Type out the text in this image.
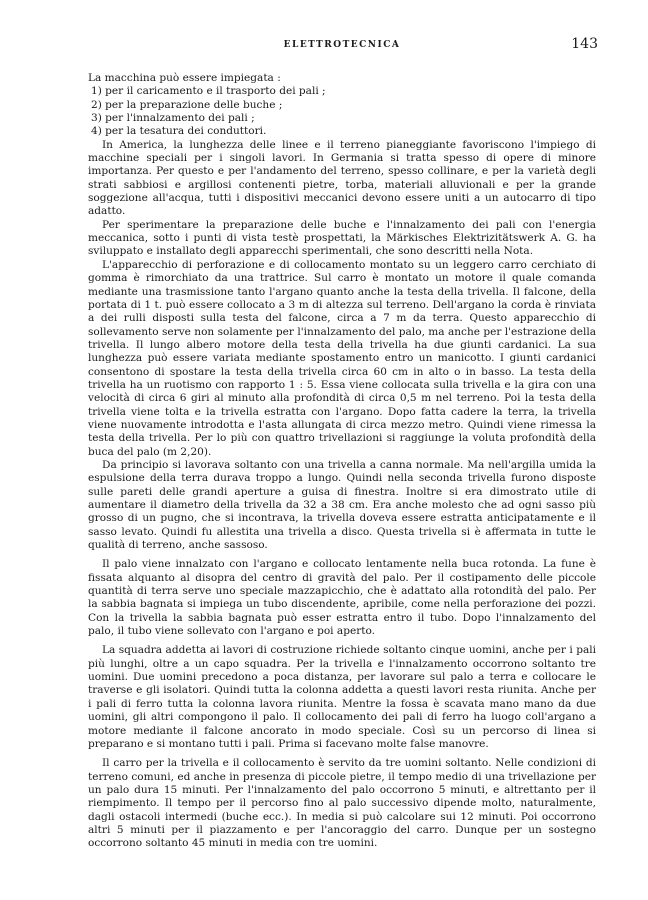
ELETTROTECNICA	143

La macchina può essere impiegata :

1) per il caricamento e il trasporto dei pali ;

2) per la preparazione delle buche ;

3) per l'innalzamento dei pali ;

4) per la tesatura dei conduttori.

In America, la lunghezza delle linee e il terreno pianeggiante favoriscono l'impiego di macchine speciali per i singoli lavori. In Germania si tratta spesso di opere di minore importanza. Per questo e per l'andamento del terreno, spesso collinare, e per la varietà degli strati sabbiosi e argillosi contenenti pietre, torba, materiali alluvionali e per la grande soggezione all'acqua, tutti i dispositivi meccanici devono essere uniti a un autocarro di tipo adatto.

Per sperimentare la preparazione delle buche e l'innalzamento dei pali con l'energia meccanica, sotto i punti di vista testè prospettati, la Märkisches Elektrizitätswerk A. G. ha sviluppato e installato degli apparecchi sperimentali, che sono descritti nella Nota.

L'apparecchio di perforazione e di collocamento montato su un leggero carro cerchiato di gomma è rimorchiato da una trattrice. Sul carro è montato un motore il quale comanda mediante una trasmissione tanto l'argano quanto anche la testa della trivella. Il falcone, della portata di 1 t. può essere collocato a 3 m di altezza sul terreno. Dell'argano la corda è rinviata a dei rulli disposti sulla testa del falcone, circa a 7 m da terra. Questo apparecchio di sollevamento serve non solamente per l'innalzamento del palo, ma anche per l'estrazione della trivella. Il lungo albero motore della testa della trivella ha due giunti cardanici. La sua lunghezza può essere variata mediante spostamento entro un manicotto. I giunti cardanici consentono di spostare la testa della trivella circa 60 cm in alto o in basso. La testa della trivella ha un ruotismo con rapporto 1 : 5. Essa viene collocata sulla trivella e la gira con una velocità di circa 6 giri al minuto alla profondità di circa 0,5 m nel terreno. Poi la testa della trivella viene tolta e la trivella estratta con l'argano. Dopo fatta cadere la terra, la trivella viene nuovamente introdotta e l'asta allungata di circa mezzo metro. Quindi viene rimessa la testa della trivella. Per lo più con quattro trivellazioni si raggiunge la voluta profondità della buca del palo (m 2,20).

Da principio si lavorava soltanto con una trivella a canna normale. Ma nell'argilla umida la espulsione della terra durava troppo a lungo. Quindi nella seconda trivella furono disposte sulle pareti delle grandi aperture a guisa di finestra. Inoltre si era dimostrato utile di aumentare il diametro della trivella da 32 a 38 cm. Era anche molesto che ad ogni sasso più grosso di un pugno, che si incontrava, la trivella doveva essere estratta anticipatamente e il sasso levato. Quindi fu allestita una trivella a disco. Questa trivella si è affermata in tutte le qualità di terreno, anche sassoso.

Il palo viene innalzato con l'argano e collocato lentamente nella buca rotonda. La fune è fissata alquanto al disopra del centro di gravità del palo. Per il costipamento delle piccole quantità di terra serve uno speciale mazzapicchio, che è adattato alla rotondità del palo. Per la sabbia bagnata si impiega un tubo discendente, apribile, come nella perforazione dei pozzi. Con la trivella la sabbia bagnata può esser estratta entro il tubo. Dopo l'innalzamento del palo, il tubo viene sollevato con l'argano e poi aperto.

La squadra addetta ai lavori di costruzione richiede soltanto cinque uomini, anche per i pali più lunghi, oltre a un capo squadra. Per la trivella e l'innalzamento occorrono soltanto tre uomini. Due uomini precedono a poca distanza, per lavorare sul palo a terra e collocare le traverse e gli isolatori. Quindi tutta la colonna addetta a questi lavori resta riunita. Anche per i pali di ferro tutta la colonna lavora riunita. Mentre la fossa è scavata mano mano da due uomini, gli altri compongono il palo. Il collocamento dei pali di ferro ha luogo coll'argano a motore mediante il falcone ancorato in modo speciale. Così su un percorso di linea si preparano e si montano tutti i pali. Prima si facevano molte false manovre.

Il carro per la trivella e il collocamento è servito da tre uomini soltanto. Nelle condizioni di terreno comuni, ed anche in presenza di piccole pietre, il tempo medio di una trivellazione per un palo dura 15 minuti. Per l'innalzamento del palo occorrono 5 minuti, e altrettanto per il riempimento. Il tempo per il percorso fino al palo successivo dipende molto, naturalmente, dagli ostacoli intermedi (buche ecc.). In media si può calcolare sui 12 minuti. Poi occorrono altri 5 minuti per il piazzamento e per l'ancoraggio del carro. Dunque per un sostegno occorrono soltanto 45 minuti in media con tre uomini.
